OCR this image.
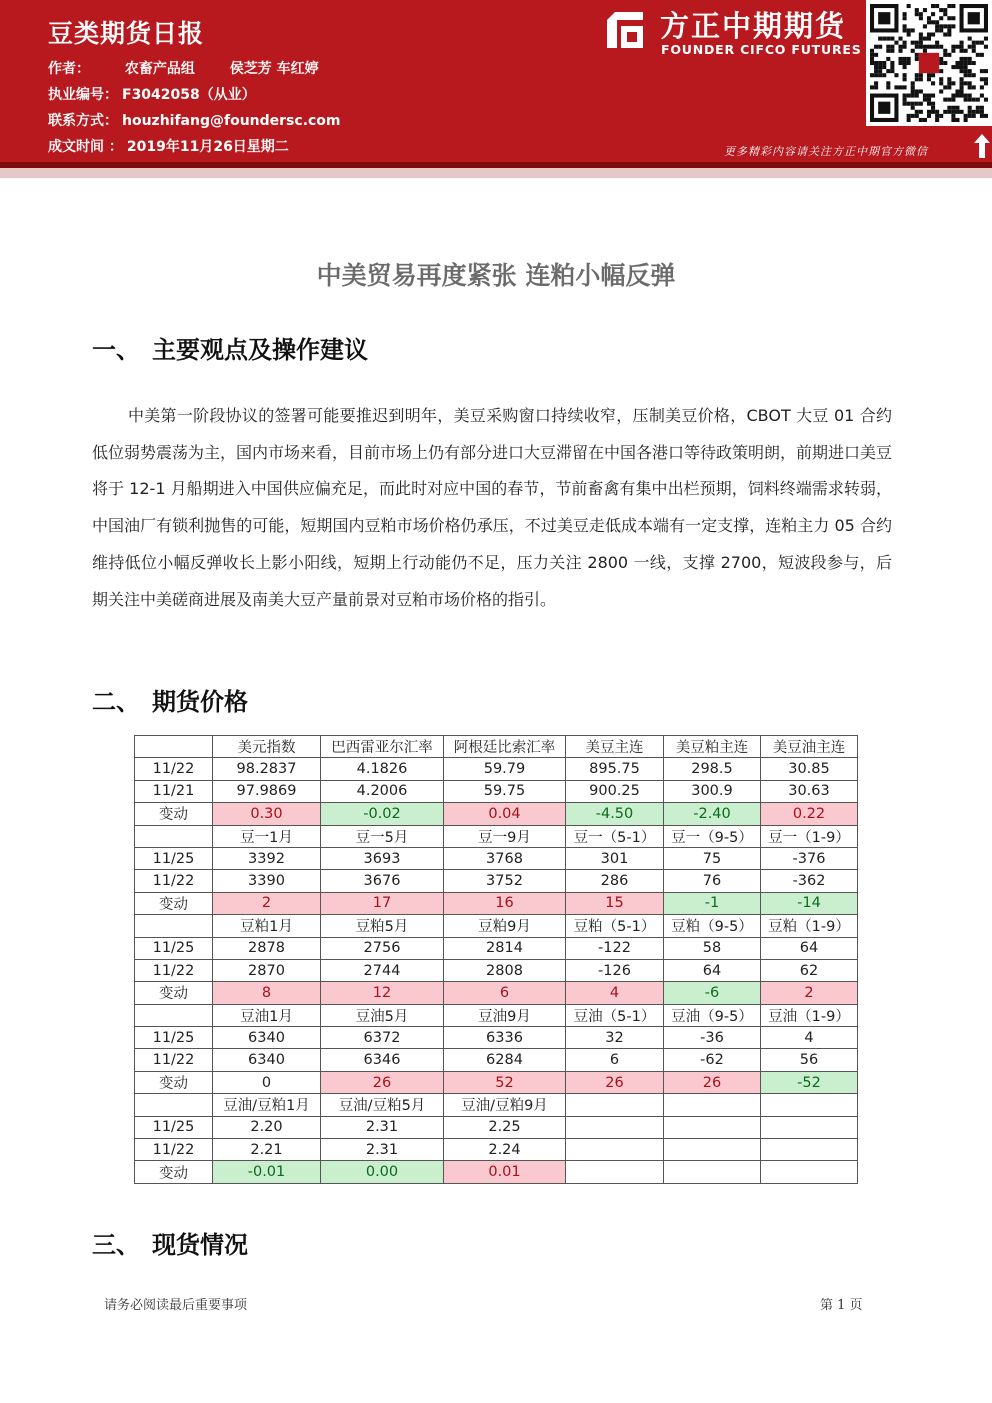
豆类期货日报
作者： 农畜产品组 侯芝芳 车红婷
执业编号： F3042058（从业）
联系方式： houzhifang@foundersc.com
成文时间 ： 2019年11月26日星期二
方正中期期货
FOUNDER CIFCO FUTURES
更多精彩内容请关注方正中期官方微信
中美贸易再度紧张 连粕小幅反弹
一、 主要观点及操作建议

中美第一阶段协议的签署可能要推迟到明年，美豆采购窗口持续收窄，压制美豆价格，CBOT 大豆 01 合约低位弱势震荡为主，国内市场来看，目前市场上仍有部分进口大豆滞留在中国各港口等待政策明朗，前期进口美豆将于 12-1 月船期进入中国供应偏充足，而此时对应中国的春节，节前畜禽有集中出栏预期，饲料终端需求转弱，中国油厂有锁利抛售的可能，短期国内豆粕市场价格仍承压，不过美豆走低成本端有一定支撑，连粕主力 05 合约维持低位小幅反弹收长上影小阳线，短期上行动能仍不足，压力关注 2800 一线，支撑 2700，短波段参与，后期关注中美磋商进展及南美大豆产量前景对豆粕市场价格的指引。

二、 期货价格
	美元指数	巴西雷亚尔汇率	阿根廷比索汇率	美豆主连	美豆粕主连	美豆油主连
11/22	98.2837	4.1826	59.79	895.75	298.5	30.85
11/21	97.9869	4.2006	59.75	900.25	300.9	30.63
变动	0.30	-0.02	0.04	-4.50	-2.40	0.22
	豆一1月	豆一5月	豆一9月	豆一（5-1）	豆一（9-5）	豆一（1-9）
11/25	3392	3693	3768	301	75	-376
11/22	3390	3676	3752	286	76	-362
变动	2	17	16	15	-1	-14
	豆粕1月	豆粕5月	豆粕9月	豆粕（5-1）	豆粕（9-5）	豆粕（1-9）
11/25	2878	2756	2814	-122	58	64
11/22	2870	2744	2808	-126	64	62
变动	8	12	6	4	-6	2
	豆油1月	豆油5月	豆油9月	豆油（5-1）	豆油（9-5）	豆油（1-9）
11/25	6340	6372	6336	32	-36	4
11/22	6340	6346	6284	6	-62	56
变动	0	26	52	26	26	-52
	豆油/豆粕1月	豆油/豆粕5月	豆油/豆粕9月			
11/25	2.20	2.31	2.25			
11/22	2.21	2.31	2.24			
变动	-0.01	0.00	0.01			
三、 现货情况
请务必阅读最后重要事项	第 1 页
